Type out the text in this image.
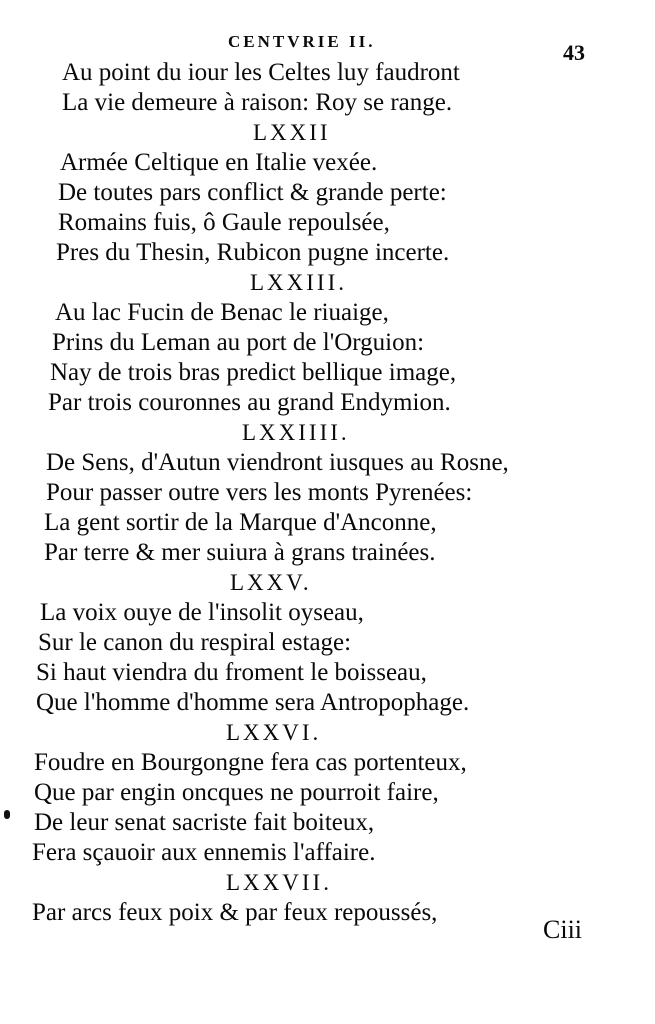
CENTVRIE II.	43
Au point du iour les Celtes luy faudront
La vie demeure à raison: Roy se range.
LXXII
Armée Celtique en Italie vexée.
De toutes pars conflict & grande perte:
Romains fuis, ô Gaule repoulsée,
Pres du Thesin, Rubicon pugne incerte.
LXXIII.
Au lac Fucin de Benac le riuaige,
Prins du Leman au port de l'Orguion:
Nay de trois bras predict bellique image,
Par trois couronnes au grand Endymion.
LXXIIII.
De Sens, d'Autun viendront iusques au Rosne,
Pour passer outre vers les monts Pyrenées:
La gent sortir de la Marque d'Anconne,
Par terre & mer suiura à grans trainées.
LXXV.
La voix ouye de l'insolit oyseau,
Sur le canon du respiral estage:
Si haut viendra du froment le boisseau,
Que l'homme d'homme sera Antropophage.
LXXVI.
Foudre en Bourgongne fera cas portenteux,
Que par engin oncques ne pourroit faire,
De leur senat sacriste fait boiteux,
Fera sçauoir aux ennemis l'affaire.
LXXVII.
Par arcs feux poix & par feux repoussés,
Ciii
